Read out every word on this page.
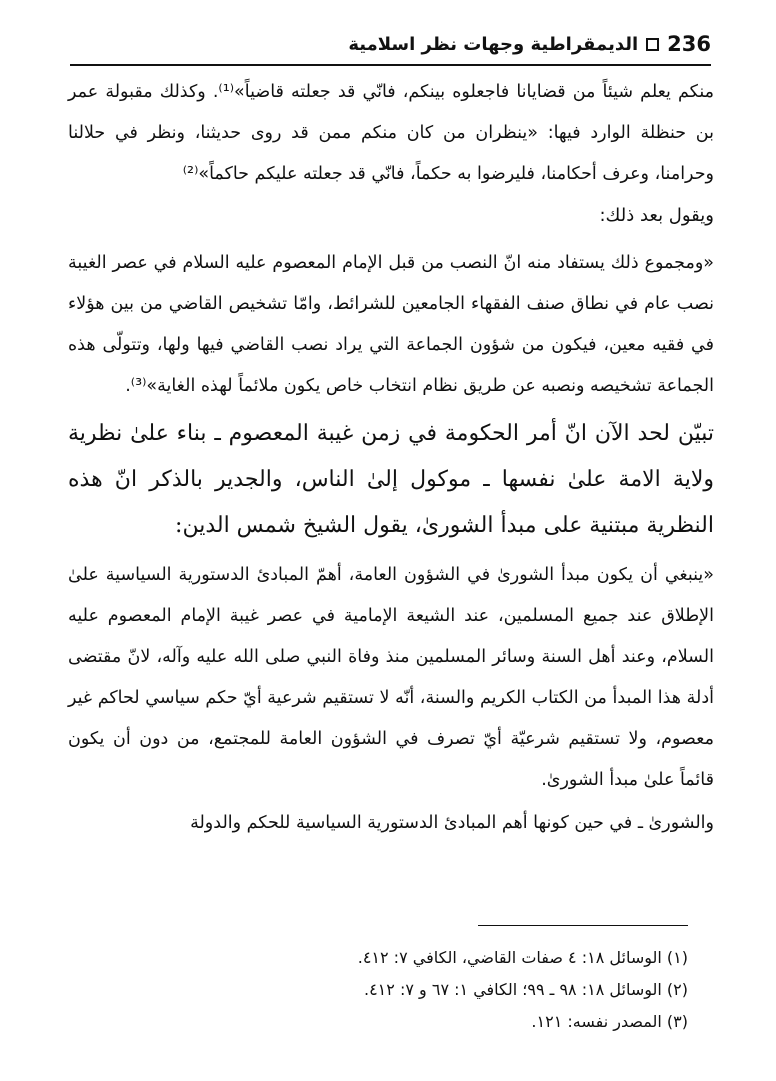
236
الديمقراطية وجهات نظر اسلامية

منكم يعلم شيئاً من قضايانا فاجعلوه بينكم، فانّي قد جعلته قاضياً»⁽¹⁾. وكذلك مقبولة عمر بن حنظلة الوارد فيها: «ينظران من كان منكم ممن قد روى حديثنا، ونظر في حلالنا وحرامنا، وعرف أحكامنا، فليرضوا به حكماً، فانّي قد جعلته عليكم حاكماً»⁽²⁾

ويقول بعد ذلك:

«ومجموع ذلك يستفاد منه انّ النصب من قبل الإمام المعصوم عليه السلام في عصر الغيبة نصب عام في نطاق صنف الفقهاء الجامعين للشرائط، وامّا تشخيص القاضي من بين هؤلاء في فقيه معين، فيكون من شؤون الجماعة التي يراد نصب القاضي فيها ولها، وتتولّى هذه الجماعة تشخيصه ونصبه عن طريق نظام انتخاب خاص يكون ملائماً لهذه الغاية»⁽³⁾.

تبيّن لحد الآن انّ أمر الحكومة في زمن غيبة المعصوم ـ بناء علىٰ نظرية ولاية الامة علىٰ نفسها ـ موكول إلىٰ الناس، والجدير بالذكر انّ هذه النظرية مبتنية على مبدأ الشورىٰ، يقول الشيخ شمس الدين:

«ينبغي أن يكون مبدأ الشورىٰ في الشؤون العامة، أهمّ المبادئ الدستورية السياسية علىٰ الإطلاق عند جميع المسلمين، عند الشيعة الإمامية في عصر غيبة الإمام المعصوم عليه السلام، وعند أهل السنة وسائر المسلمين منذ وفاة النبي صلى الله عليه وآله، لانّ مقتضى أدلة هذا المبدأ من الكتاب الكريم والسنة، أنّه لا تستقيم شرعية أيّ حكم سياسي لحاكم غير معصوم، ولا تستقيم شرعيّة أيّ تصرف في الشؤون العامة للمجتمع، من دون أن يكون قائماً علىٰ مبدأ الشورىٰ.

والشورىٰ ـ في حين كونها أهم المبادئ الدستورية السياسية للحكم والدولة

(١) الوسائل ١٨: ٤ صفات القاضي، الكافي ٧: ٤١٢.

(٢) الوسائل ١٨: ٩٨ ـ ٩٩؛ الكافي ١: ٦٧ و ٧: ٤١٢.

(٣) المصدر نفسه: ١٢١.
